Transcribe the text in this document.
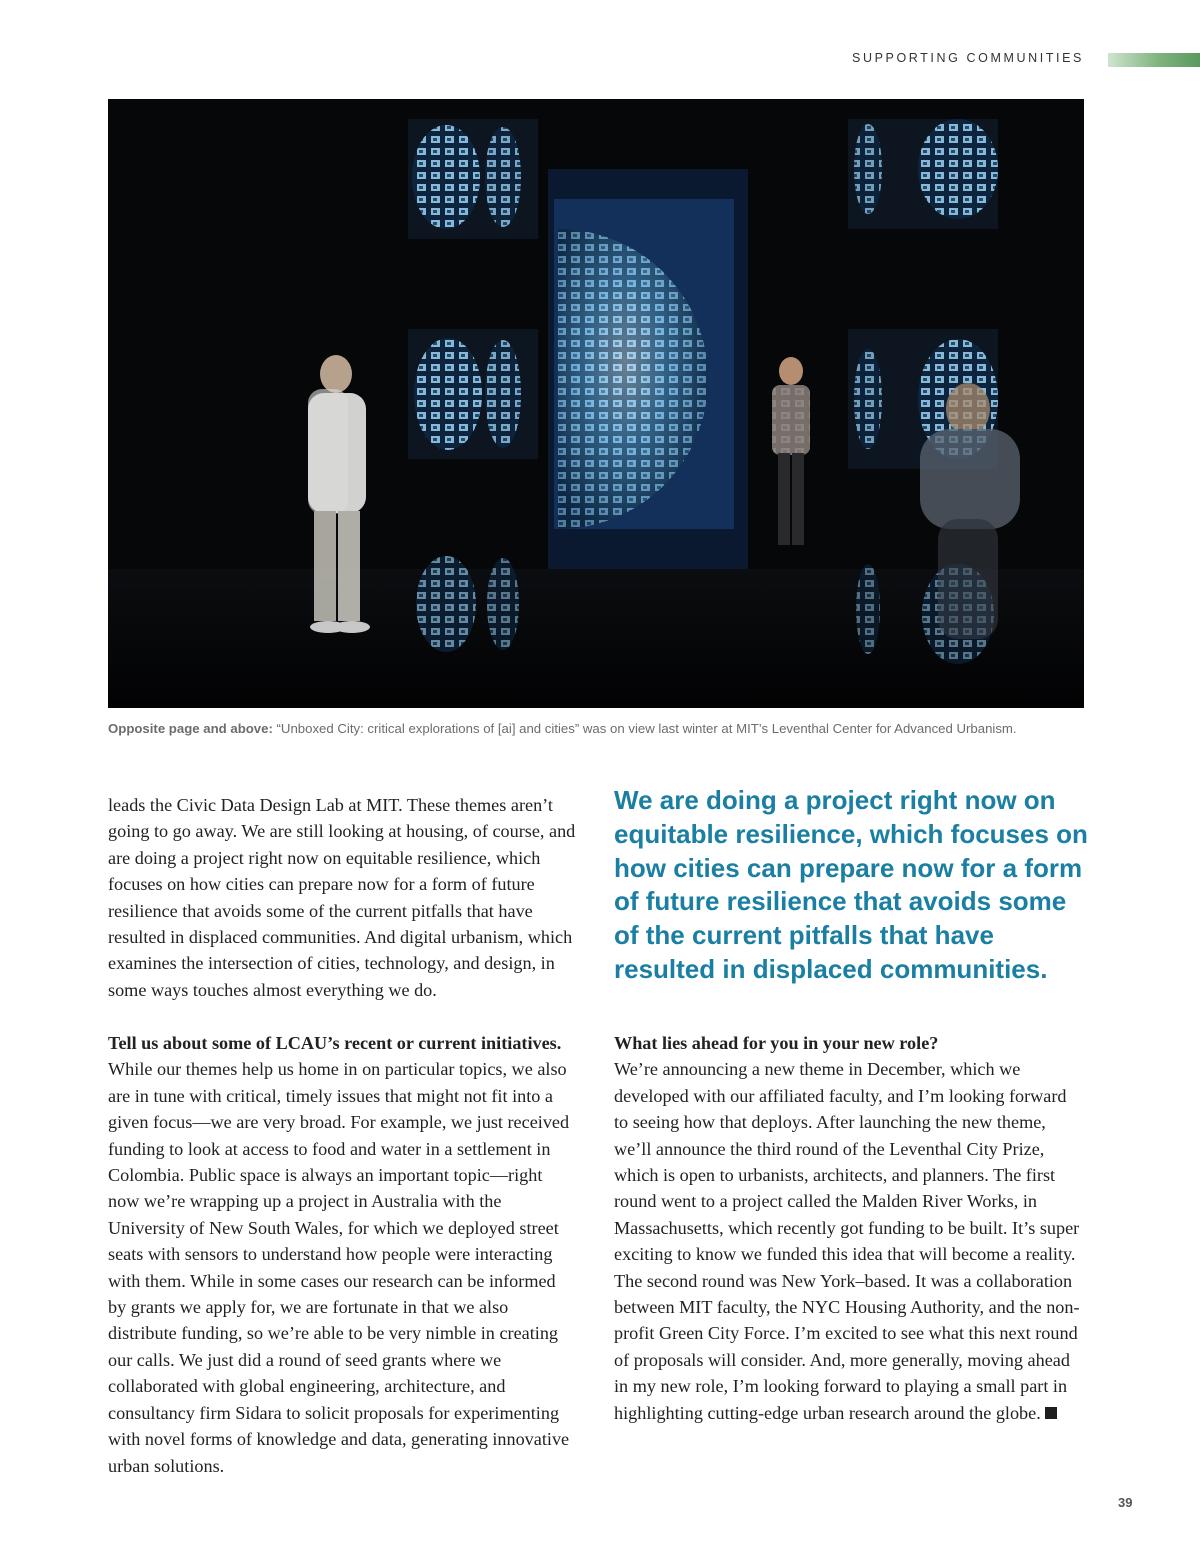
SUPPORTING COMMUNITIES
Opposite page and above: “Unboxed City: critical explorations of [ai] and cities” was on view last winter at MIT’s Leventhal Center for Advanced Urbanism.

leads the Civic Data Design Lab at MIT. These themes aren’t going to go away. We are still looking at housing, of course, and are doing a project right now on equitable resilience, which focuses on how cities can prepare now for a form of future resilience that avoids some of the current pitfalls that have resulted in displaced communities. And digital urbanism, which examines the intersection of cities, technology, and design, in some ways touches almost everything we do.

We are doing a project right now on equitable resilience, which focuses on how cities can prepare now for a form of future resilience that avoids some of the current pitfalls that have resulted in displaced communities.

Tell us about some of LCAU’s recent or current initiatives.

While our themes help us home in on particular topics, we also are in tune with critical, timely issues that might not fit into a given focus—we are very broad. For example, we just received funding to look at access to food and water in a settlement in Colombia. Public space is always an important topic—right now we’re wrapping up a project in Australia with the University of New South Wales, for which we deployed street seats with sensors to understand how people were interacting with them. While in some cases our research can be informed by grants we apply for, we are fortunate in that we also distribute funding, so we’re able to be very nimble in creating our calls. We just did a round of seed grants where we collaborated with global engineering, architecture, and consultancy firm Sidara to solicit proposals for experimenting with novel forms of knowledge and data, generating innovative urban solutions.

What lies ahead for you in your new role?

We’re announcing a new theme in December, which we developed with our affiliated faculty, and I’m looking forward to seeing how that deploys. After launching the new theme, we’ll announce the third round of the Leventhal City Prize, which is open to urbanists, architects, and planners. The first round went to a project called the Malden River Works, in Massachusetts, which recently got funding to be built. It’s super exciting to know we funded this idea that will become a reality. The second round was New York–based. It was a collaboration between MIT faculty, the NYC Housing Authority, and the non-profit Green City Force. I’m excited to see what this next round of proposals will consider. And, more generally, moving ahead in my new role, I’m looking forward to playing a small part in highlighting cutting-edge urban research around the globe.

39
